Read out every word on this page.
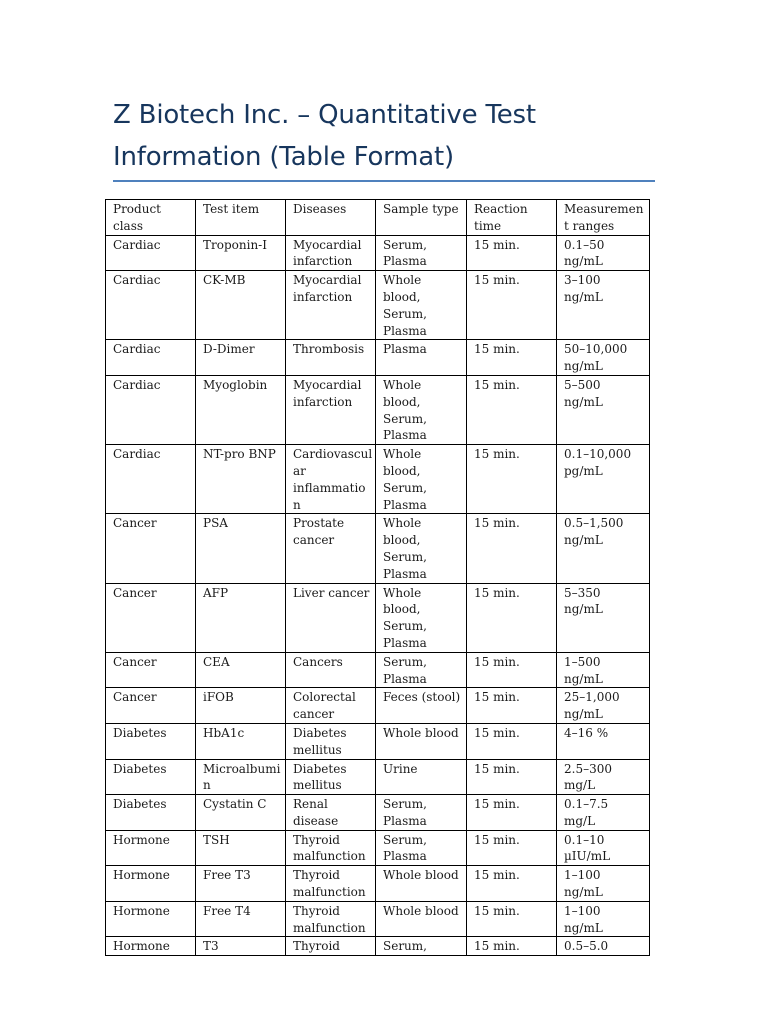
Z Biotech Inc. – Quantitative Test
Information (Table Format)
Product
class	Test item	Diseases	Sample type	Reaction
time	Measuremen
t ranges

Cardiac	Troponin-I	Myocardial
infarction	Serum,
Plasma	15 min.	0.1–50
ng/mL

Cardiac	CK-MB	Myocardial
infarction	Whole
blood,
Serum,
Plasma	15 min.	3–100
ng/mL

Cardiac	D-Dimer	Thrombosis	Plasma	15 min.	50–10,000
ng/mL

Cardiac	Myoglobin	Myocardial
infarction	Whole
blood,
Serum,
Plasma	15 min.	5–500
ng/mL

Cardiac	NT-pro BNP	Cardiovascul
ar
inflammatio
n	Whole
blood,
Serum,
Plasma	15 min.	0.1–10,000
pg/mL

Cancer	PSA	Prostate
cancer	Whole
blood,
Serum,
Plasma	15 min.	0.5–1,500
ng/mL

Cancer	AFP	Liver cancer	Whole
blood,
Serum,
Plasma	15 min.	5–350
ng/mL

Cancer	CEA	Cancers	Serum,
Plasma	15 min.	1–500
ng/mL

Cancer	iFOB	Colorectal
cancer	Feces (stool)	15 min.	25–1,000
ng/mL

Diabetes	HbA1c	Diabetes
mellitus	Whole blood	15 min.	4–16 %

Diabetes	Microalbumi
n	Diabetes
mellitus	Urine	15 min.	2.5–300
mg/L

Diabetes	Cystatin C	Renal
disease	Serum,
Plasma	15 min.	0.1–7.5
mg/L

Hormone	TSH	Thyroid
malfunction	Serum,
Plasma	15 min.	0.1–10
µIU/mL

Hormone	Free T3	Thyroid
malfunction	Whole blood	15 min.	1–100
ng/mL

Hormone	Free T4	Thyroid
malfunction	Whole blood	15 min.	1–100
ng/mL

Hormone	T3	Thyroid	Serum,	15 min.	0.5–5.0
